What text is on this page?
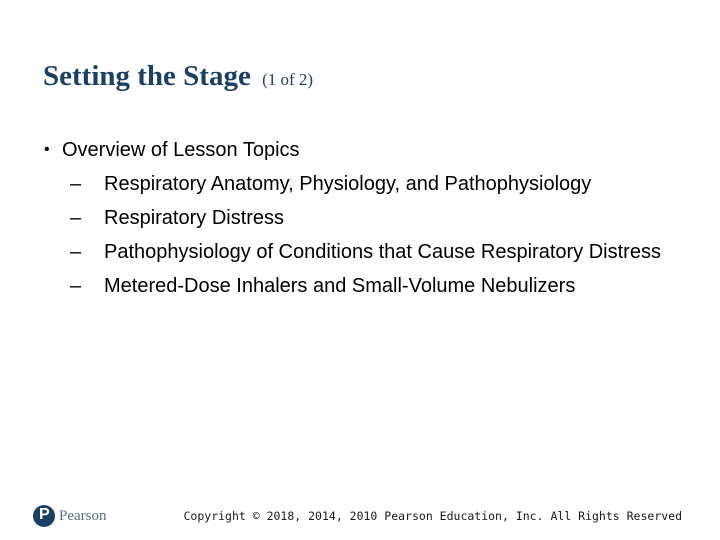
Setting the Stage (1 of 2)
• Overview of Lesson Topics
–	Respiratory Anatomy, Physiology, and Pathophysiology
–	Respiratory Distress
–	Pathophysiology of Conditions that Cause Respiratory Distress
–	Metered-Dose Inhalers and Small-Volume Nebulizers
P Pearson	Copyright © 2018, 2014, 2010 Pearson Education, Inc. All Rights Reserved
